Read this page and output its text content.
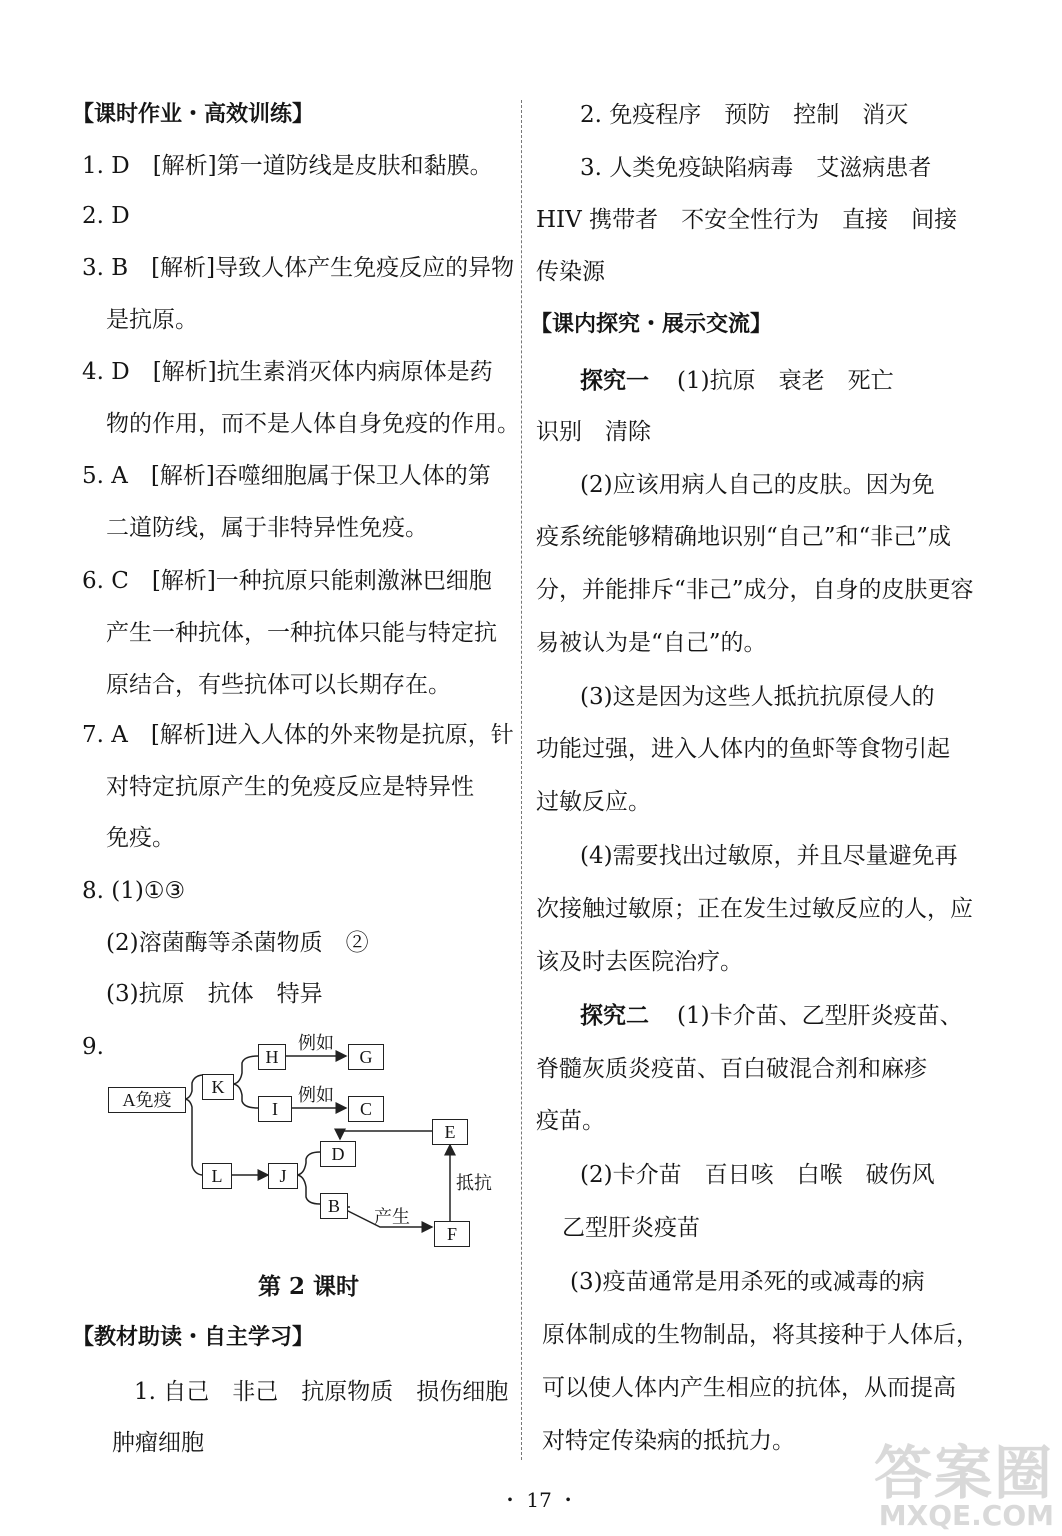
【课时作业・高效训练】
1. D　[解析]第一道防线是皮肤和黏膜。
2. D
3. B　[解析]导致人体产生免疫反应的异物
是抗原。
4. D　[解析]抗生素消灭体内病原体是药
物的作用，而不是人体自身免疫的作用。
5. A　[解析]吞噬细胞属于保卫人体的第
二道防线，属于非特异性免疫。
6. C　[解析]一种抗原只能刺激淋巴细胞
产生一种抗体，一种抗体只能与特定抗
原结合，有些抗体可以长期存在。
7. A　[解析]进入人体的外来物是抗原，针
对特定抗原产生的免疫反应是特异性
免疫。
8. (1)①③
(2)溶菌酶等杀菌物质　②
(3)抗原　抗体　特异
9.
A免疫
K
L
H	G
I	C
J
D
B
E
F
例如
例如
抵抗
产生
第 2 课时
【教材助读・自主学习】
1. 自己　非己　抗原物质　损伤细胞
肿瘤细胞
2. 免疫程序　预防　控制　消灭
3. 人类免疫缺陷病毒　艾滋病患者
HIV 携带者　不安全性行为　直接　间接
传染源
【课内探究・展示交流】
探究一 (1)抗原　衰老　死亡
识别　清除
(2)应该用病人自己的皮肤。因为免
疫系统能够精确地识别“自己”和“非己”成
分，并能排斥“非己”成分，自身的皮肤更容
易被认为是“自己”的。
(3)这是因为这些人抵抗抗原侵人的
功能过强，进入人体内的鱼虾等食物引起
过敏反应。
(4)需要找出过敏原，并且尽量避免再
次接触过敏原；正在发生过敏反应的人，应
该及时去医院治疗。
探究二 (1)卡介苗、乙型肝炎疫苗、
脊髓灰质炎疫苗、百白破混合剂和麻疹
疫苗。
(2)卡介苗　百日咳　白喉　破伤风
乙型肝炎疫苗
(3)疫苗通常是用杀死的或减毒的病
原体制成的生物制品，将其接种于人体后，
可以使人体内产生相应的抗体，从而提高
对特定传染病的抵抗力。
・ 17 ・	答案圈
MXQE.COM
